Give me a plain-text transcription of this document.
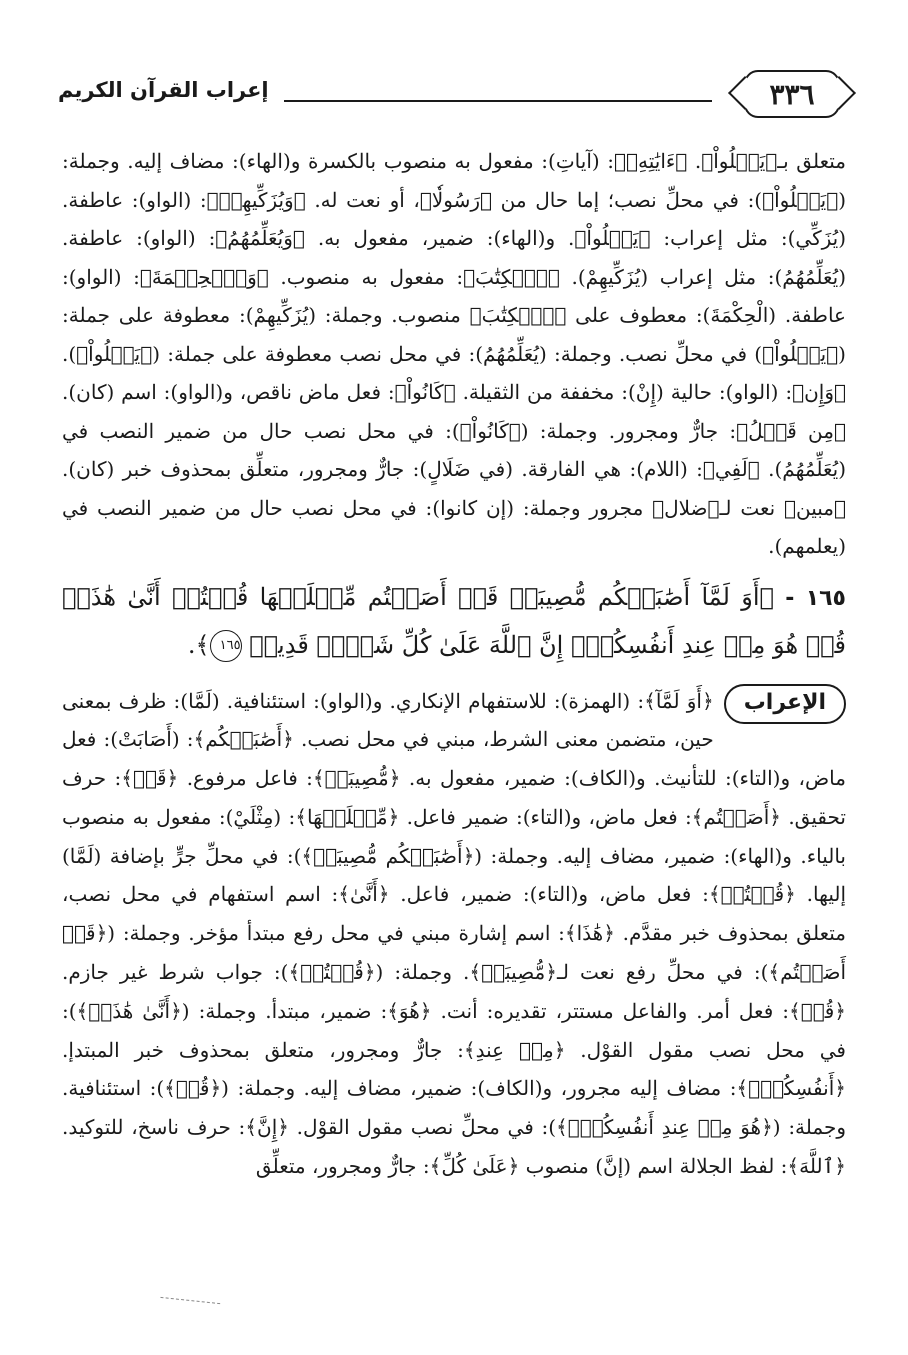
٣٣٦
إعراب القرآن الكريم

متعلق بـ﴿يَتۡلُواْ﴾. ﴿ءَايَٰتِهِۦ﴾: (آياتِ): مفعول به منصوب بالكسرة و(الهاء): مضاف إليه. وجملة: (﴿يَتۡلُواْ﴾): في محلِّ نصب؛ إما حال من ﴿رَسُولٗا﴾، أو نعت له. ﴿وَيُزَكِّيهِمۡ﴾: (الواو): عاطفة. (يُزَكِّي): مثل إعراب: ﴿يَتۡلُواْ﴾. و(الهاء): ضمير، مفعول به. ﴿وَيُعَلِّمُهُمُ﴾: (الواو): عاطفة. (يُعَلِّمُهُمُ): مثل إعراب (يُزَكِّيهِمْ). ﴿ٱلۡكِتَٰبَ﴾: مفعول به منصوب. ﴿وَٱلۡحِكۡمَةَ﴾: (الواو): عاطفة. (الْحِكْمَةَ): معطوف على ﴿ٱلۡكِتَٰبَ﴾ منصوب. وجملة: (يُزَكِّيهِمْ): معطوفة على جملة: (﴿يَتۡلُواْ﴾) في محلِّ نصب. وجملة: (يُعَلِّمُهُمُ): في محل نصب معطوفة على جملة: (﴿يَتۡلُواْ﴾). ﴿وَإِن﴾: (الواو): حالية (إِنْ): مخففة من الثقيلة. ﴿كَانُواْ﴾: فعل ماض ناقص، و(الواو): اسم (كان). ﴿مِن قَبۡلُ﴾: جارٌّ ومجرور. وجملة: (﴿كَانُواْ﴾): في محل نصب حال من ضمير النصب في (يُعَلِّمُهُمُ). ﴿لَفِي﴾: (اللام): هي الفارقة. (في ضَلَالٍ): جارٌّ ومجرور، متعلِّق بمحذوف خبر (كان). ﴿مبين﴾ نعت لـ﴿ضلال﴾ مجرور وجملة: (إن كانوا): في محل نصب حال من ضمير النصب في (يعلمهم).

١٦٥ - ﴿أَوَ لَمَّآ أَصَٰبَتۡكُم مُّصِيبَةٞ قَدۡ أَصَبۡتُم مِّثۡلَيۡهَا قُلۡتُمۡ أَنَّىٰ هَٰذَاۖ قُلۡ هُوَ مِنۡ عِندِ أَنفُسِكُمۡۗ إِنَّ ٱللَّهَ عَلَىٰ كُلِّ شَيۡءٖ قَدِيرٞ ١٦٥﴾.
الإعراب

﴿أَوَ لَمَّآ﴾: (الهمزة): للاستفهام الإنكاري. و(الواو): استئنافية. (لَمَّا): ظرف بمعنى حين، متضمن معنى الشرط، مبني في محل نصب. ﴿أَصَٰبَتۡكُم﴾: (أَصَابَتْ): فعل ماض، و(التاء): للتأنيث. و(الكاف): ضمير، مفعول به. ﴿مُّصِيبَةٞ﴾: فاعل مرفوع. ﴿قَدۡ﴾: حرف تحقيق. ﴿أَصَبۡتُم﴾: فعل ماض، و(التاء): ضمير فاعل. ﴿مِّثۡلَيۡهَا﴾: (مِثْلَيْ): مفعول به منصوب بالياء. و(الهاء): ضمير، مضاف إليه. وجملة: (﴿أَصَٰبَتۡكُم مُّصِيبَةٞ﴾): في محلِّ جرٍّ بإضافة (لَمَّا) إليها. ﴿قُلۡتُمۡ﴾: فعل ماض، و(التاء): ضمير، فاعل. ﴿أَنَّىٰ﴾: اسم استفهام في محل نصب، متعلق بمحذوف خبر مقدَّم. ﴿هَٰذَا﴾: اسم إشارة مبني في محل رفع مبتدأ مؤخر. وجملة: (﴿قَدۡ أَصَبۡتُم﴾): في محلِّ رفع نعت لـ﴿مُّصِيبَةٞ﴾. وجملة: (﴿قُلۡتُمۡ﴾): جواب شرط غير جازم. ﴿قُلۡ﴾: فعل أمر. والفاعل مستتر، تقديره: أنت. ﴿هُوَ﴾: ضمير، مبتدأ. وجملة: (﴿أَنَّىٰ هَٰذَاۖ﴾): في محل نصب مقول القوْل. ﴿مِنۡ عِندِ﴾: جارٌّ ومجرور، متعلق بمحذوف خبر المبتدإ. ﴿أَنفُسِكُمۡۗ﴾: مضاف إليه مجرور، و(الكاف): ضمير، مضاف إليه. وجملة: (﴿قُلۡ﴾): استئنافية. وجملة: (﴿هُوَ مِنۡ عِندِ أَنفُسِكُمۡۗ﴾): في محلِّ نصب مقول القوْل. ﴿إِنَّ﴾: حرف ناسخ، للتوكيد. ﴿ٱللَّهَ﴾: لفظ الجلالة اسم (إنَّ) منصوب ﴿عَلَىٰ كُلِّ﴾: جارٌّ ومجرور، متعلِّق
